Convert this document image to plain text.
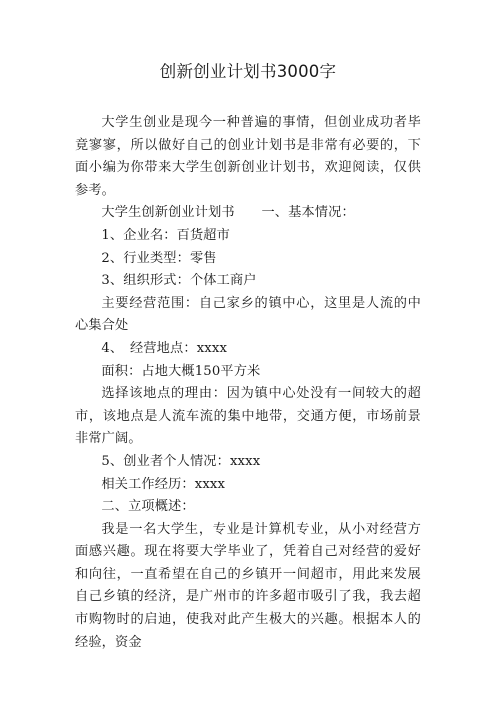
创新创业计划书3000字

大学生创业是现今一种普遍的事情，但创业成功者毕竟寥寥，所以做好自己的创业计划书是非常有必要的，下面小编为你带来大学生创新创业计划书，欢迎阅读，仅供参考。

大学生创新创业计划书　　一、基本情况：

1、企业名：百货超市

2、行业类型：零售

3、组织形式：个体工商户

主要经营范围：自己家乡的镇中心，这里是人流的中心集合处

4、　经营地点：xxxx

面积：占地大概150平方米

选择该地点的理由：因为镇中心处没有一间较大的超市，该地点是人流车流的集中地带，交通方便，市场前景非常广阔。

5、创业者个人情况：xxxx

相关工作经历：xxxx

二、立项概述：

我是一名大学生，专业是计算机专业，从小对经营方面感兴趣。现在将要大学毕业了，凭着自己对经营的爱好和向往，一直希望在自己的乡镇开一间超市，用此来发展自己乡镇的经济，是广州市的许多超市吸引了我，我去超市购物时的启迪，使我对此产生极大的兴趣。根据本人的经验，资金
